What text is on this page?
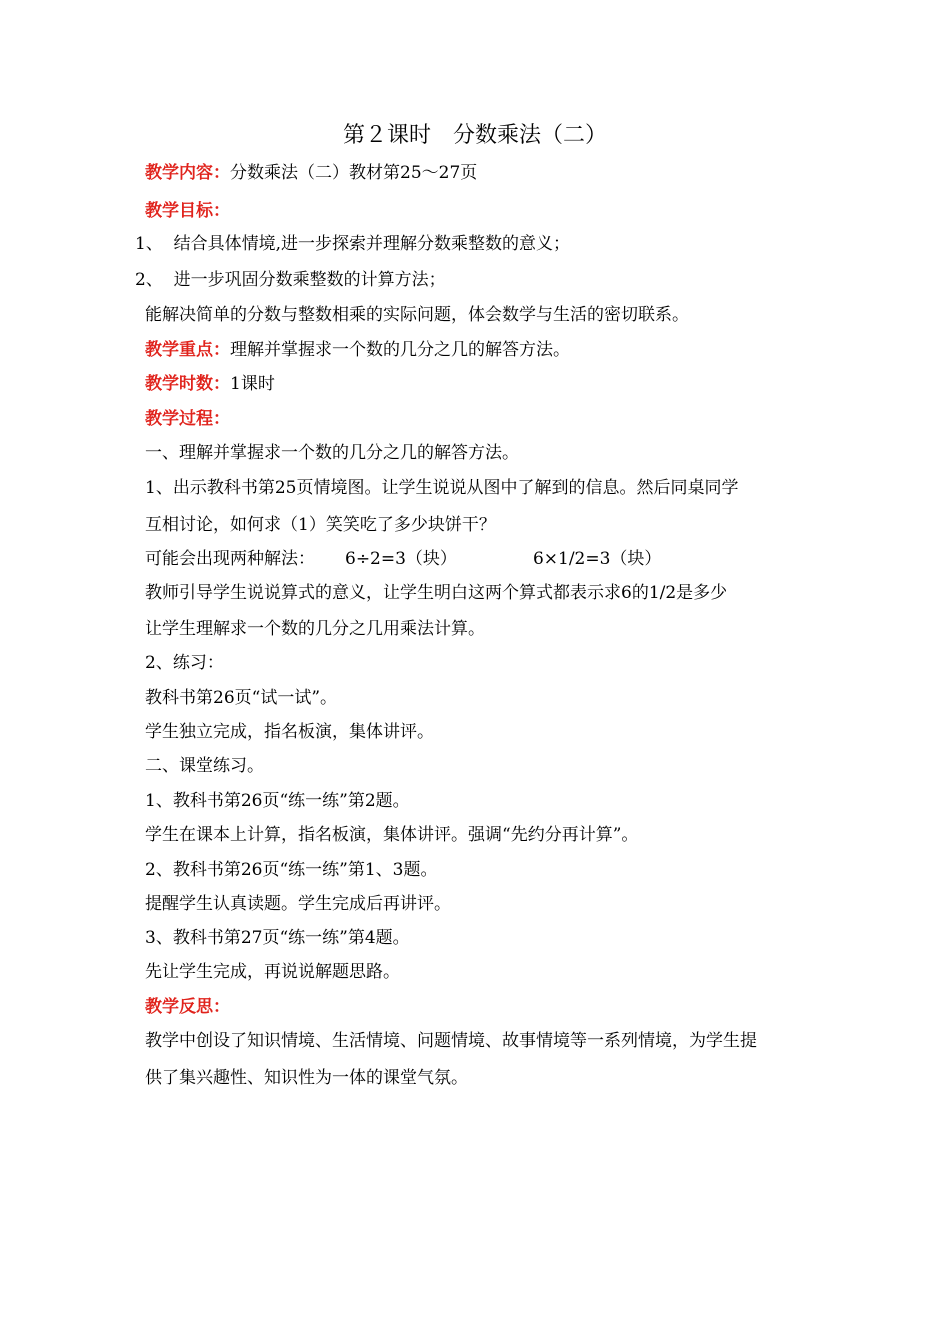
第２课时 分数乘法（二）
教学内容：分数乘法（二）教材第25～27页
教学目标：
1、 结合具体情境,进一步探索并理解分数乘整数的意义；
2、 进一步巩固分数乘整数的计算方法；
能解决简单的分数与整数相乘的实际问题，体会数学与生活的密切联系。
教学重点：理解并掌握求一个数的几分之几的解答方法。
教学时数：1课时
教学过程：
一、理解并掌握求一个数的几分之几的解答方法。
1、出示教科书第25页情境图。让学生说说从图中了解到的信息。然后同桌同学
互相讨论，如何求（1）笑笑吃了多少块饼干？
可能会出现两种解法： 6÷2=3（块）	6×1/2=3（块）
教师引导学生说说算式的意义，让学生明白这两个算式都表示求6的1/2是多少
让学生理解求一个数的几分之几用乘法计算。
2、练习：
教科书第26页“试一试”。
学生独立完成，指名板演，集体讲评。
二、课堂练习。
1、教科书第26页“练一练”第2题。
学生在课本上计算，指名板演，集体讲评。强调“先约分再计算”。
2、教科书第26页“练一练”第1、3题。
提醒学生认真读题。学生完成后再讲评。
3、教科书第27页“练一练”第4题。
先让学生完成，再说说解题思路。
教学反思：
教学中创设了知识情境、生活情境、问题情境、故事情境等一系列情境，为学生提
供了集兴趣性、知识性为一体的课堂气氛。
